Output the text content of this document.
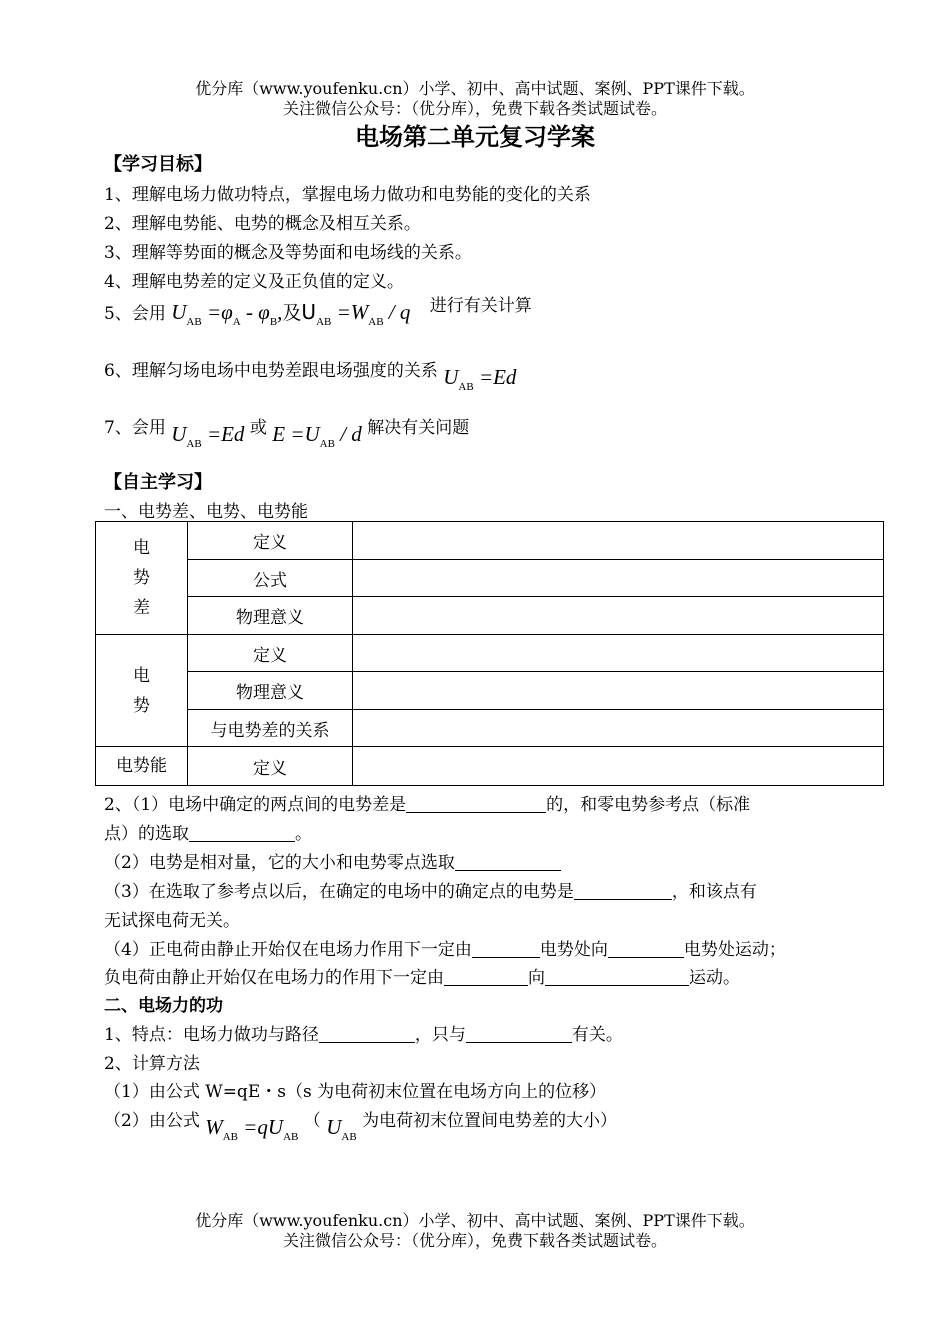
优分库（www.youfenku.cn）小学、初中、高中试题、案例、PPT课件下载。
关注微信公众号：（优分库），免费下载各类试题试卷。
电场第二单元复习学案
【学习目标】
1、理解电场力做功特点，掌握电场力做功和电势能的变化的关系
2、理解电势能、电势的概念及相互关系。
3、理解等势面的概念及等势面和电场线的关系。
4、理解电势差的定义及正负值的定义。
5、会用 $U_{AB} =\varphi_A - \varphi_B$,及$U_{AB} =W_{AB} / q$ 进行有关计算
6、理解匀场电场中电势差跟电场强度的关系 $U_{AB} =Ed$
7、会用 $U_{AB} =Ed$ 或 $E =U_{AB} / d$ 解决有关问题
【自主学习】
一、电势差、电势、电势能
电势差	定义	
	公式	
	物理意义	
电势	定义	
	物理意义	
	与电势差的关系	
电势能	定义	
2、（1）电场中确定的两点间的电势差是	的，和零电势参考点（标准
点）的选取	。
（2）电势是相对量，它的大小和电势零点选取
（3）在选取了参考点以后，在确定的电场中的确定点的电势是	，和该点有
无试探电荷无关。
（4）正电荷由静止开始仅在电场力作用下一定由	电势处向	电势处运动；
负电荷由静止开始仅在电场力的作用下一定由	向	运动。
二、电场力的功
1、特点：电场力做功与路径	，只与	有关。
2、计算方法
（1）由公式 W=qE・s（s 为电荷初末位置在电场方向上的位移）
（2）由公式 $W_{AB} =qU_{AB}$ （ $U_{AB}$ 为电荷初末位置间电势差的大小）
优分库（www.youfenku.cn）小学、初中、高中试题、案例、PPT课件下载。
关注微信公众号：（优分库），免费下载各类试题试卷。
